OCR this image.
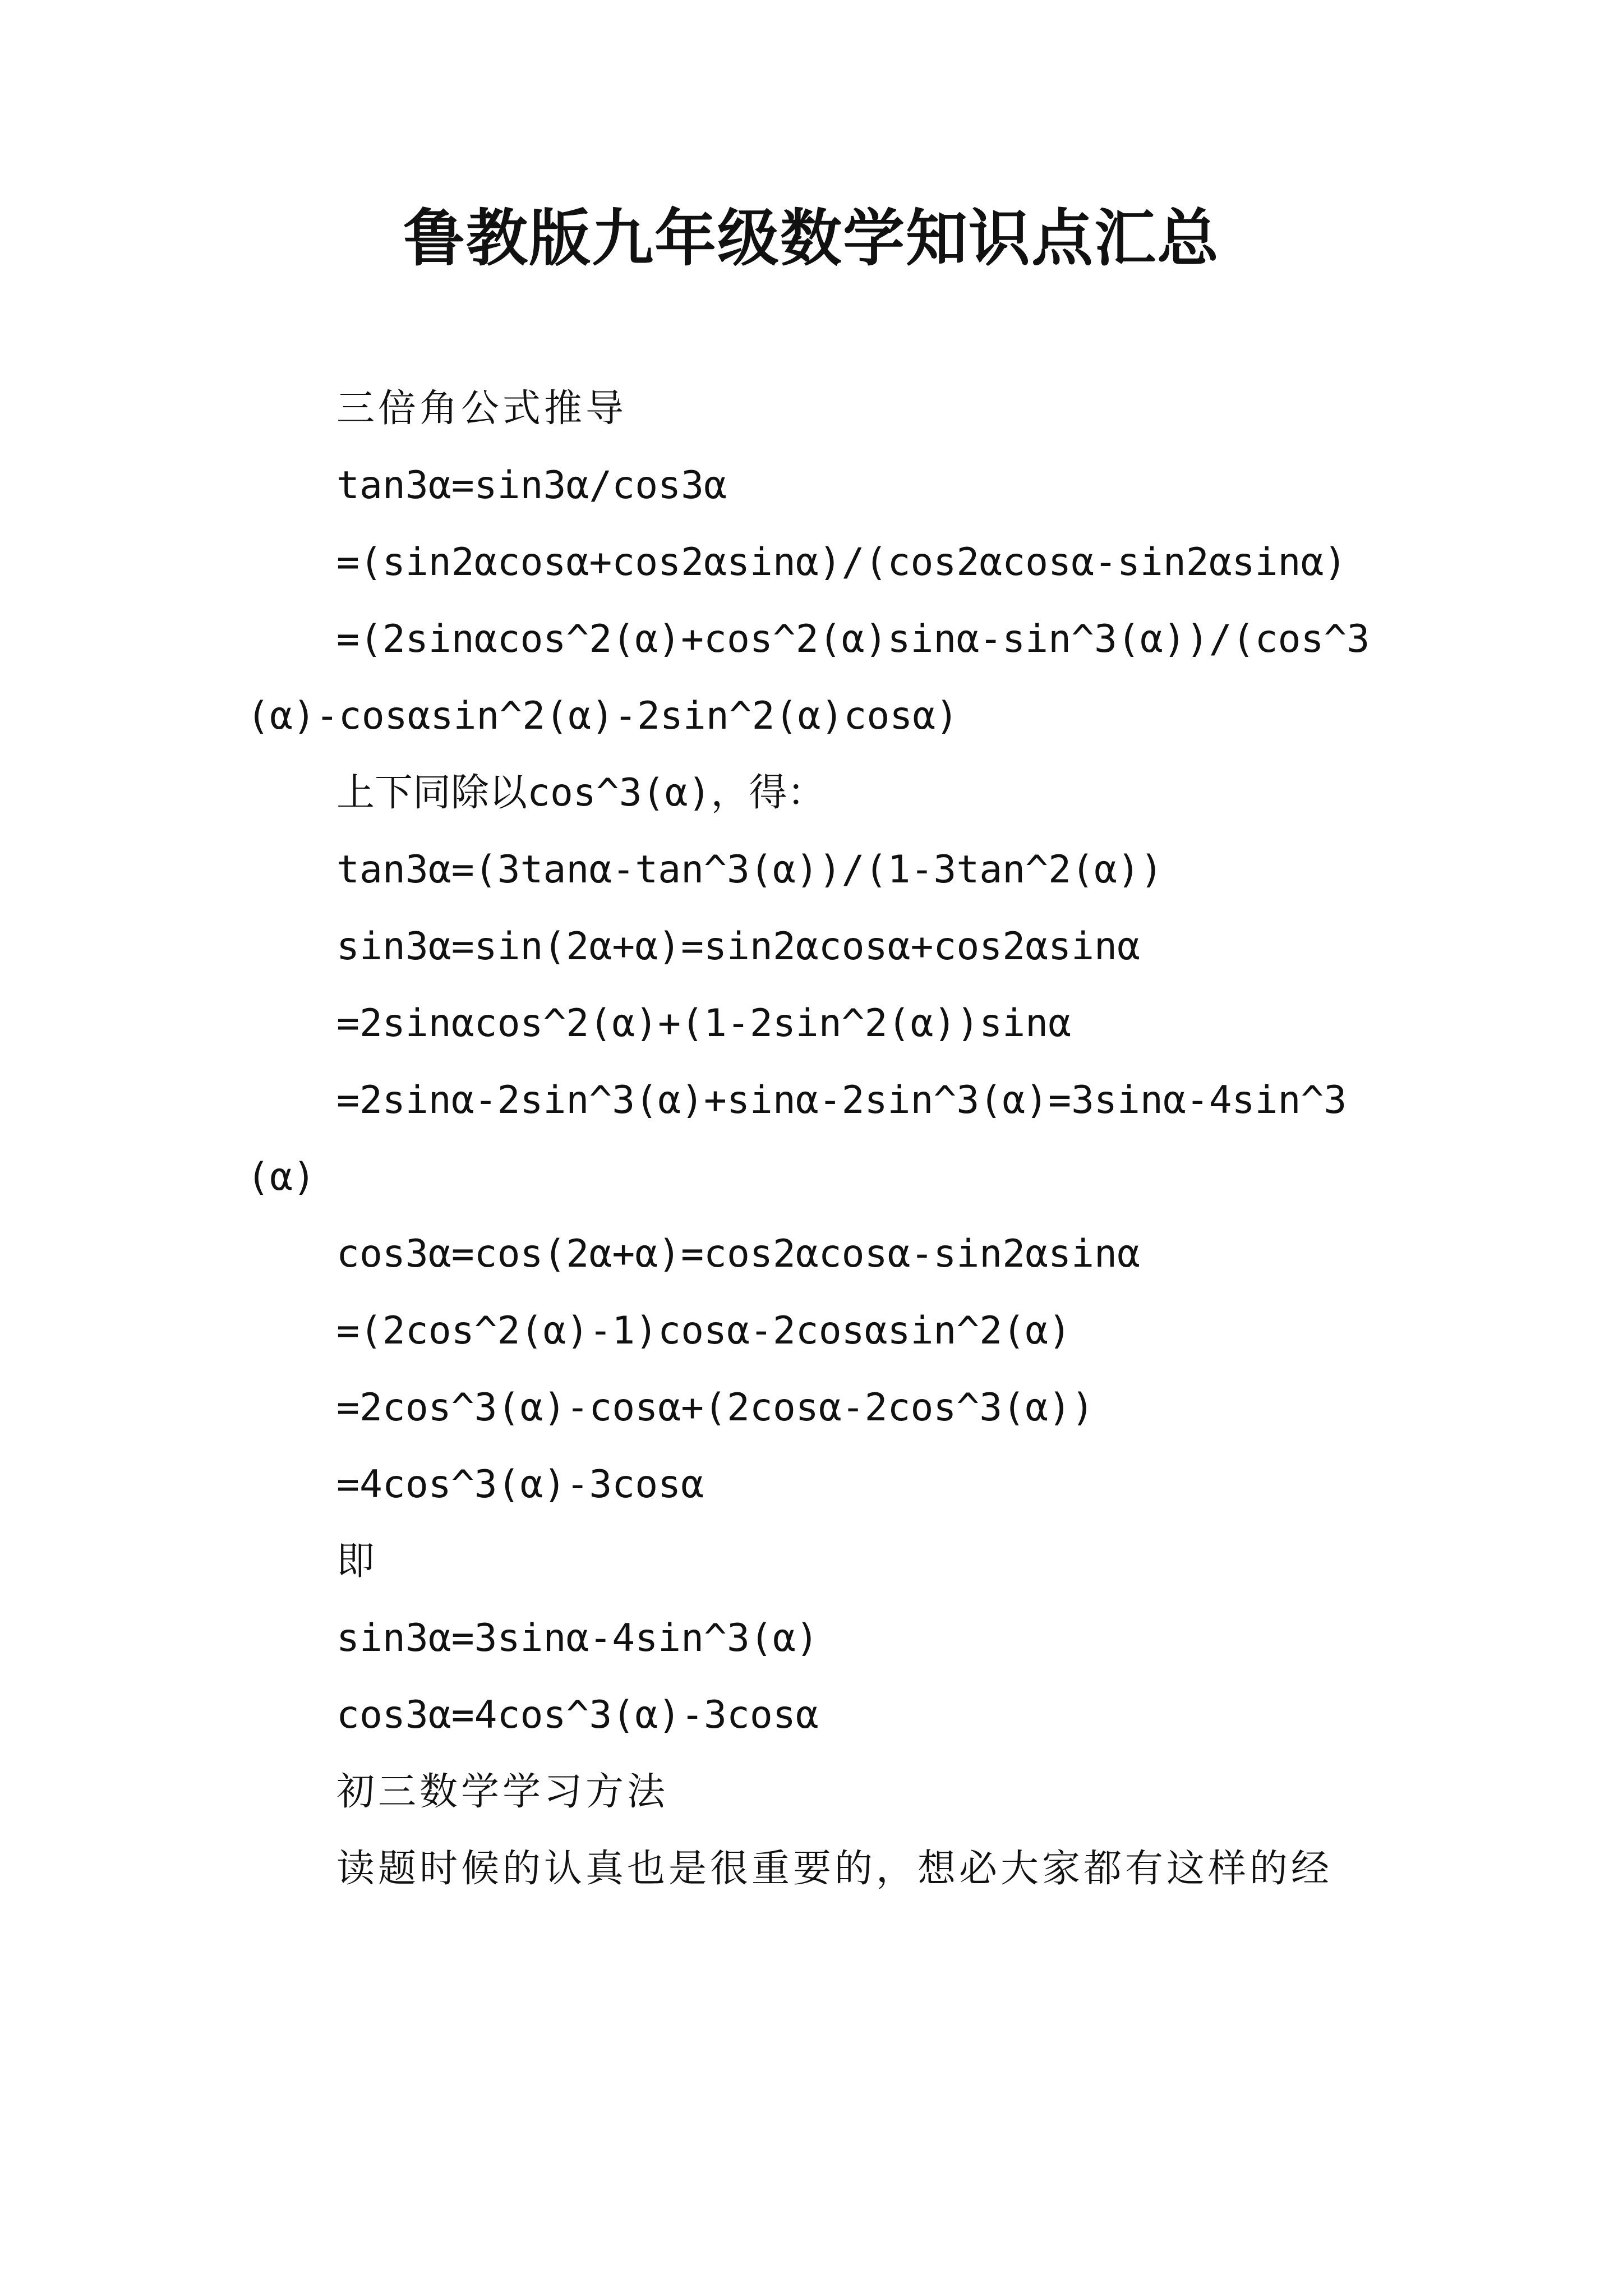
鲁教版九年级数学知识点汇总

三倍角公式推导

tan3α=sin3α/cos3α

=(sin2αcosα+cos2αsinα)/(cos2αcosα-sin2αsinα)

=(2sinαcos^2(α)+cos^2(α)sinα-sin^3(α))/(cos^3(α)-cosαsin^2(α)-2sin^2(α)cosα)

上下同除以cos^3(α)，得：

tan3α=(3tanα-tan^3(α))/(1-3tan^2(α))

sin3α=sin(2α+α)=sin2αcosα+cos2αsinα

=2sinαcos^2(α)+(1-2sin^2(α))sinα

=2sinα-2sin^3(α)+sinα-2sin^3(α)=3sinα-4sin^3(α)

cos3α=cos(2α+α)=cos2αcosα-sin2αsinα

=(2cos^2(α)-1)cosα-2cosαsin^2(α)

=2cos^3(α)-cosα+(2cosα-2cos^3(α))

=4cos^3(α)-3cosα

即

sin3α=3sinα-4sin^3(α)

cos3α=4cos^3(α)-3cosα

初三数学学习方法

读题时候的认真也是很重要的，想必大家都有这样的经
